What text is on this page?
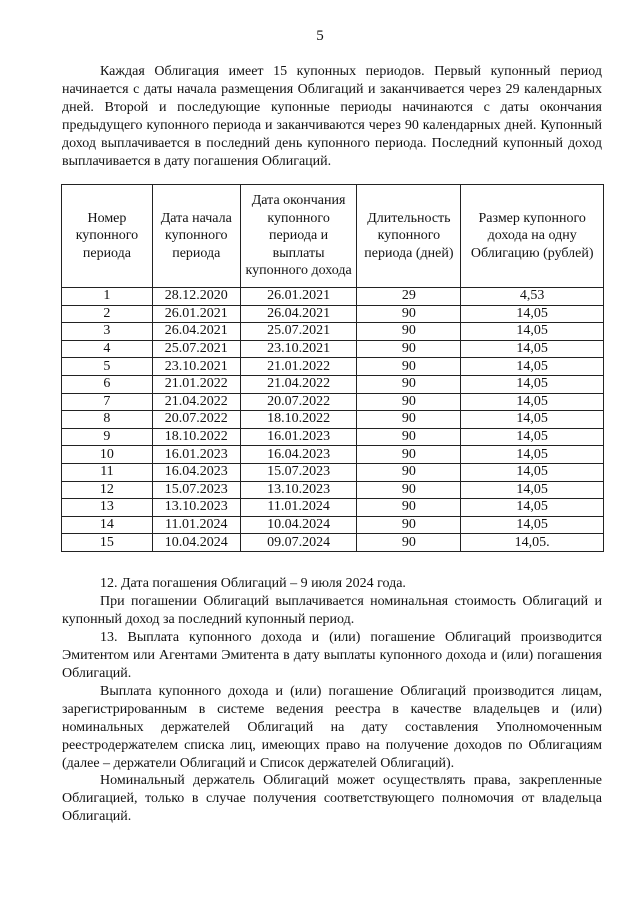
5

Каждая Облигация имеет 15 купонных периодов. Первый купонный период начинается с даты начала размещения Облигаций и заканчивается через 29 календарных дней. Второй и последующие купонные периоды начинаются с даты окончания предыдущего купонного периода и заканчиваются через 90 календарных дней. Купонный доход выплачивается в последний день купонного периода. Последний купонный доход выплачивается в дату погашения Облигаций.

Номер купонного периода	Дата начала купонного периода	Дата окончания купонного периода и выплаты купонного дохода	Длительность купонного периода (дней)	Размер купонного дохода на одну Облигацию (рублей)
1	28.12.2020	26.01.2021	29	4,53
2	26.01.2021	26.04.2021	90	14,05
3	26.04.2021	25.07.2021	90	14,05
4	25.07.2021	23.10.2021	90	14,05
5	23.10.2021	21.01.2022	90	14,05
6	21.01.2022	21.04.2022	90	14,05
7	21.04.2022	20.07.2022	90	14,05
8	20.07.2022	18.10.2022	90	14,05
9	18.10.2022	16.01.2023	90	14,05
10	16.01.2023	16.04.2023	90	14,05
11	16.04.2023	15.07.2023	90	14,05
12	15.07.2023	13.10.2023	90	14,05
13	13.10.2023	11.01.2024	90	14,05
14	11.01.2024	10.04.2024	90	14,05
15	10.04.2024	09.07.2024	90	14,05.

12. Дата погашения Облигаций – 9 июля 2024 года.

При погашении Облигаций выплачивается номинальная стоимость Облигаций и купонный доход за последний купонный период.

13. Выплата купонного дохода и (или) погашение Облигаций производится Эмитентом или Агентами Эмитента в дату выплаты купонного дохода и (или) погашения Облигаций.

Выплата купонного дохода и (или) погашение Облигаций производится лицам, зарегистрированным в системе ведения реестра в качестве владельцев и (или) номинальных держателей Облигаций на дату составления Уполномоченным реестродержателем списка лиц, имеющих право на получение доходов по Облигациям (далее – держатели Облигаций и Список держателей Облигаций).

Номинальный держатель Облигаций может осуществлять права, закрепленные Облигацией, только в случае получения соответствующего полномочия от владельца Облигаций.
